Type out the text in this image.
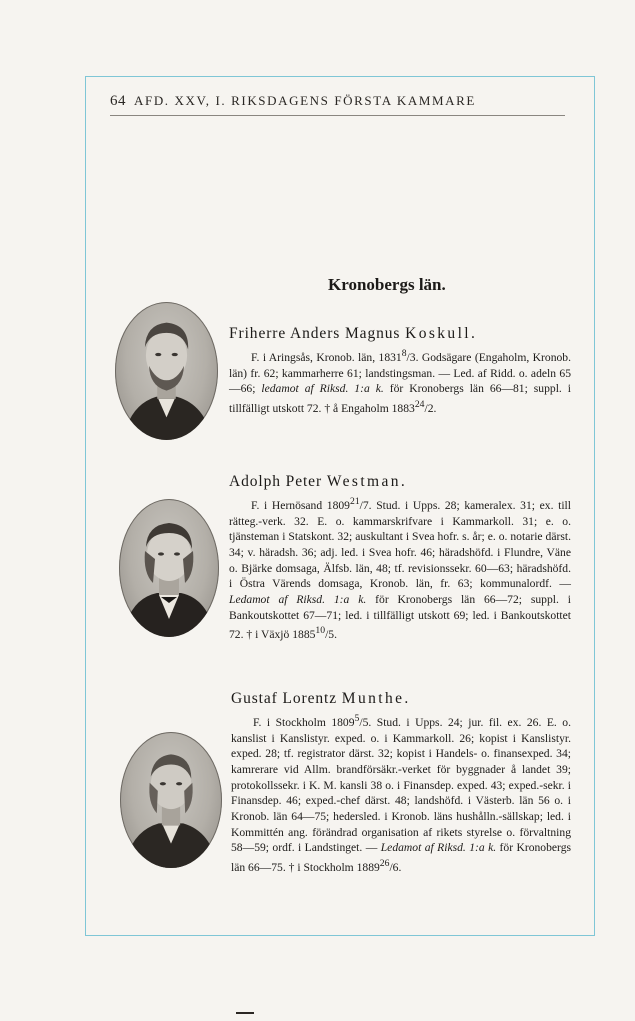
64 AFD. XXV, I. RIKSDAGENS FÖRSTA KAMMARE
Kronobergs län.
Friherre Anders Magnus Koskull.
F. i Aringsås, Kronob. län, 1831$^8$/3. Godsägare (Engaholm, Kronob. län) fr. 62; kammarherre 61; landstingsman. — Led. af Ridd. o. adeln 65—66; ledamot af Riksd. 1:a k. för Kronobergs län 66—81; suppl. i tillfälligt utskott 72. † å Engaholm 1883$^{24}$/2.
Adolph Peter Westman.
F. i Hernösand 1809$^{21}$/7. Stud. i Upps. 28; kameralex. 31; ex. till rätteg.-verk. 32. E. o. kammarskrifvare i Kammarkoll. 31; e. o. tjänsteman i Statskont. 32; auskultant i Svea hofr. s. år; e. o. notarie därst. 34; v. häradsh. 36; adj. led. i Svea hofr. 46; häradshöfd. i Flundre, Väne o. Bjärke domsaga, Älfsb. län, 48; tf. revisionssekr. 60—63; häradshöfd. i Östra Värends domsaga, Kronob. län, fr. 63; kommunalordf. — Ledamot af Riksd. 1:a k. för Kronobergs län 66—72; suppl. i Bankoutskottet 67—71; led. i tillfälligt utskott 69; led. i Bankoutskottet 72. † i Växjö 1885$^{10}$/5.
Gustaf Lorentz Munthe.
F. i Stockholm 1809$^5$/5. Stud. i Upps. 24; jur. fil. ex. 26. E. o. kanslist i Kanslistyr. exped. o. i Kammarkoll. 26; kopist i Kanslistyr. exped. 28; tf. registrator därst. 32; kopist i Handels- o. finansexped. 34; kamrerare vid Allm. brandförsäkr.-verket för byggnader å landet 39; protokollssekr. i K. M. kansli 38 o. i Finansdep. exped. 43; exped.-sekr. i Finansdep. 46; exped.-chef därst. 48; landshöfd. i Västerb. län 56 o. i Kronob. län 64—75; hedersled. i Kronob. läns hushålln.-sällskap; led. i Kommittén ang. förändrad organisation af rikets styrelse o. förvaltning 58—59; ordf. i Landstinget. — Ledamot af Riksd. 1:a k. för Kronobergs län 66—75. † i Stockholm 1889$^{26}$/6.
